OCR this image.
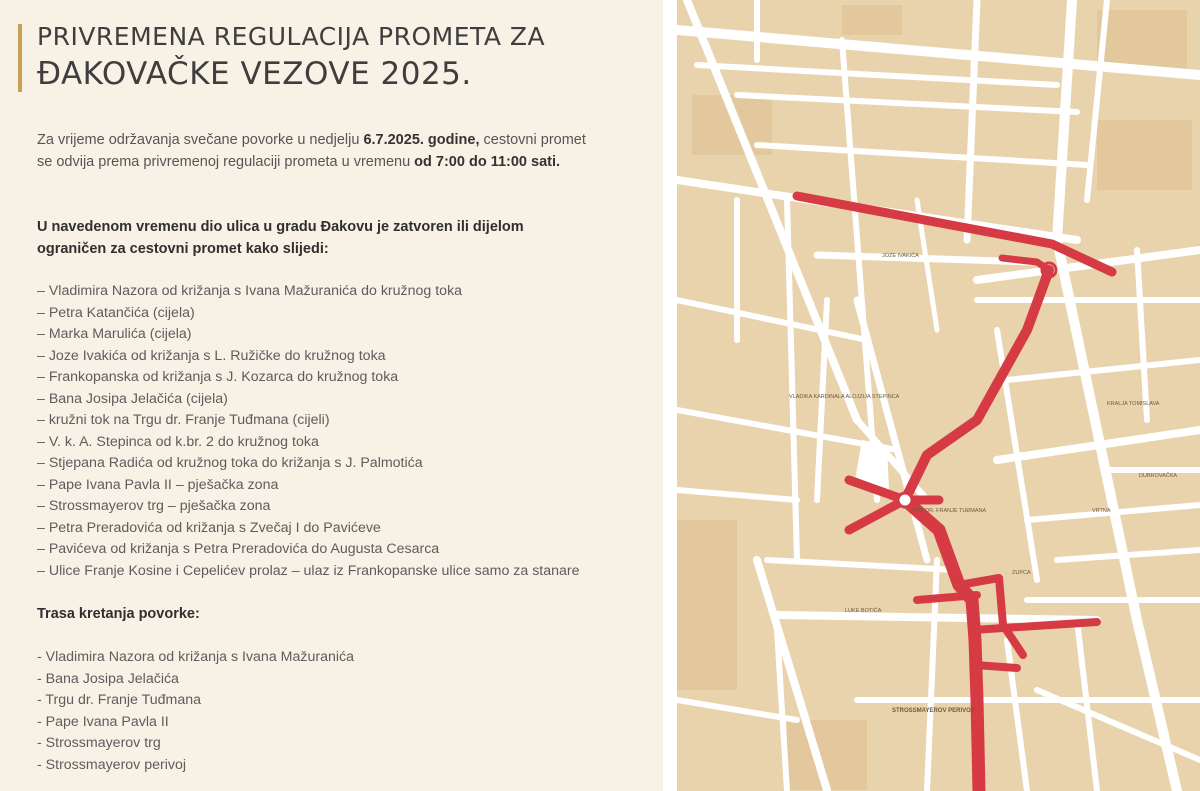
PRIVREMENA REGULACIJA PROMETA ZA
ĐAKOVAČKE VEZOVE 2025.
Za vrijeme održavanja svečane povorke u nedjelju 6.7.2025. godine, cestovni promet se odvija prema privremenoj regulaciji prometa u vremenu od 7:00 do 11:00 sati.
U navedenom vremenu dio ulica u gradu Đakovu je zatvoren ili dijelom ograničen za cestovni promet kako slijedi:
– Vladimira Nazora od križanja s Ivana Mažuranića do kružnog toka
– Petra Katančića (cijela)
– Marka Marulića (cijela)
– Joze Ivakića od križanja s L. Ružičke do kružnog toka
– Frankopanska od križanja s J. Kozarca do kružnog toka
– Bana Josipa Jelačića (cijela)
– kružni tok na Trgu dr. Franje Tuđmana (cijeli)
– V. k. A. Stepinca od k.br. 2 do kružnog toka
– Stjepana Radića od kružnog toka do križanja s J. Palmotića
– Pape Ivana Pavla II – pješačka zona
– Strossmayerov trg – pješačka zona
– Petra Preradovića od križanja s Zvečaj I do Pavićeve
– Pavićeva od križanja s Petra Preradovića do Augusta Cesarca
– Ulice Franje Kosine i Cepelićev prolaz – ulaz iz Frankopanske ulice samo za stanare
Trasa kretanja povorke:
- Vladimira Nazora od križanja s Ivana Mažuranića
- Bana Josipa Jelačića
- Trgu dr. Franje Tuđmana
- Pape Ivana Pavla II
- Strossmayerov trg
- Strossmayerov perivoj
STROSSMAYEROV PERIVOJ
VLADIKA KARDINALA ALOJZIJA STEPINCA
TRG DR. FRANJE TUĐMANA
JOZE IVAKIĆA
LUKE BOTIĆA
ZUPCA
DUBROVAČKA
VRTNA
KRALJA TOMISLAVA
